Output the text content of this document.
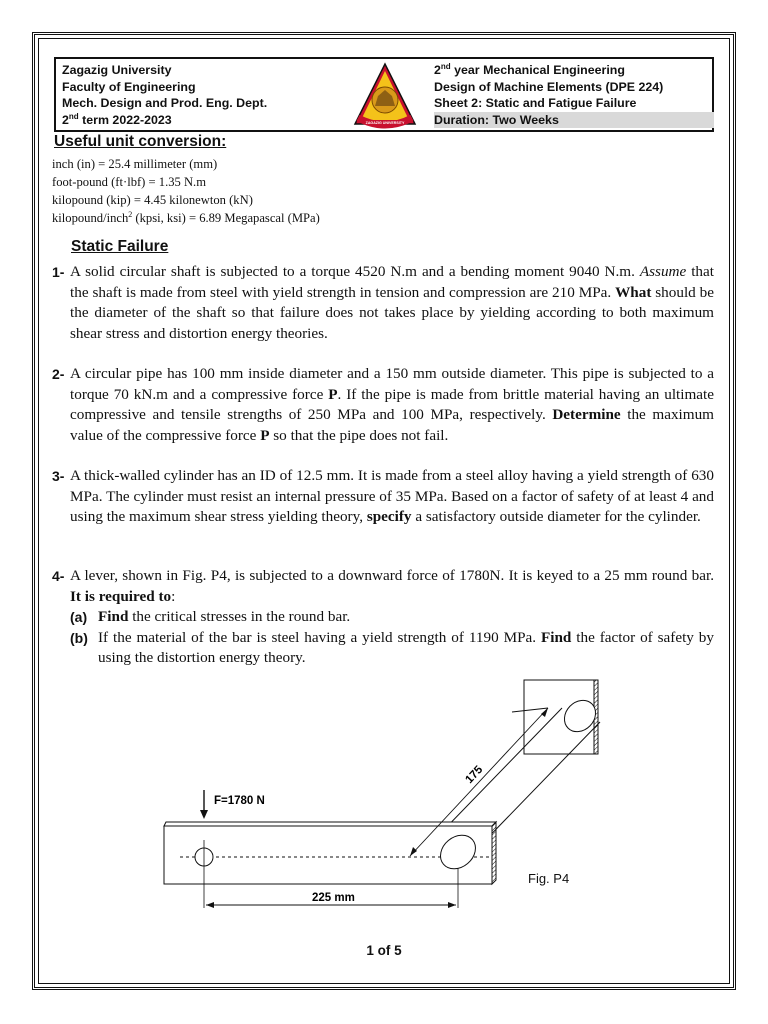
Zagazig University
Faculty of Engineering
Mech. Design and Prod. Eng. Dept.
2nd term 2022-2023	ZAGAZIG UNIVERSITY
2nd year Mechanical Engineering
Design of Machine Elements (DPE 224)
Sheet 2: Static and Fatigue Failure
Duration: Two Weeks
Useful unit conversion:
inch (in) = 25.4 millimeter (mm)
foot-pound (ft·lbf) = 1.35 N.m
kilopound (kip) = 4.45 kilonewton (kN)
kilopound/inch$^2$ (kpsi, ksi) = 6.89 Megapascal (MPa)
Static Failure
1- A solid circular shaft is subjected to a torque 4520 N.m and a bending moment 9040 N.m. Assume that the shaft is made from steel with yield strength in tension and compression are 210 MPa. What should be the diameter of the shaft so that failure does not takes place by yielding according to both maximum shear stress and distortion energy theories.
2- A circular pipe has 100 mm inside diameter and a 150 mm outside diameter. This pipe is subjected to a torque 70 kN.m and a compressive force P. If the pipe is made from brittle material having an ultimate compressive and tensile strengths of 250 MPa and 100 MPa, respectively. Determine the maximum value of the compressive force P so that the pipe does not fail.
3- A thick-walled cylinder has an ID of 12.5 mm. It is made from a steel alloy having a yield strength of 630 MPa. The cylinder must resist an internal pressure of 35 MPa. Based on a factor of safety of at least 4 and using the maximum shear stress yielding theory, specify a satisfactory outside diameter for the cylinder.
4- A lever, shown in Fig. P4, is subjected to a downward force of 1780N. It is keyed to a 25 mm round bar. It is required to:
(a) Find the critical stresses in the round bar.
(b) If the material of the bar is steel having a yield strength of 1190 MPa. Find the factor of safety by using the distortion energy theory.
175
F=1780 N
225 mm
Fig. P4
1 of 5
